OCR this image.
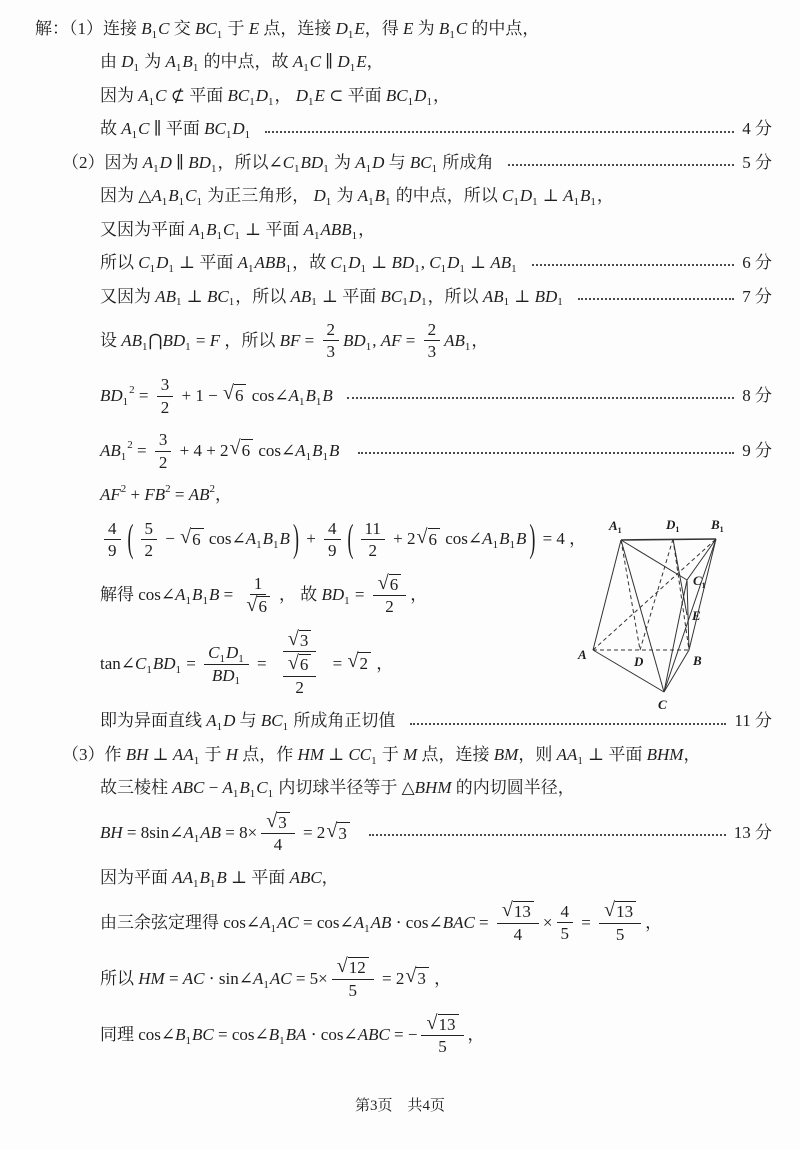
解：（1）连接 B 1 C 交 BC 1 于 E 点，连接 D 1 E ，得 E 为 B 1 C 的中点，
由 D 1 为 A 1 B 1 的中点，故 A 1 C ∥ D 1 E ，
因为 A 1 C ⊄ 平面 BC 1 D 1 ， D 1 E ⊂ 平面 BC 1 D 1 ，
故 A 1 C ∥ 平面 BC 1 D 1
	4 分
（2）因为 A 1 D ∥ BD 1 ，所以∠ C 1 BD 1 为 A 1 D 与 BC 1 所成角	5 分
因为 △ A 1 B 1 C 1 为正三角形， D 1 为 A 1 B 1 的中点，所以 C 1 D 1 ⊥ A 1 B 1 ，
又因为平面 A 1 B 1 C 1 ⊥ 平面 A 1 ABB 1 ，
所以 C 1 D 1 ⊥ 平面 A 1 ABB 1 ，故 C 1 D 1 ⊥ BD 1 , C 1 D 1 ⊥ AB 1
	6 分
又因为 AB 1 ⊥ BC 1 ，所以 AB 1 ⊥ 平面 BC 1 D 1 ，所以 AB 1 ⊥ BD 1
	7 分
设 AB 1 ⋂ BD 1 = F ，所以 BF = $\frac{2}{3}$ BD 1 , AF = $\frac{2}{3}$ AB 1 ，
BD 1
$2 = \frac{3}{2} + 1$ − √ 6 cos∠ A 1 B 1 B
	8 分
AB 1
$2 = \frac{3}{2} + 4 + 2$ √ 6 cos∠ A 1 B 1 B
	9 分
AF 2 + FB 2 = AB 2 ，
$\frac{4}{9}$ ( $\frac{5}{2}$ − √ 6 cos∠ A 1 B 1 B ) + $\frac{4}{9}$ ( $\frac{11}{2} + 2$ √ 6 cos∠ A 1 B 1 B ) = 4 ，
解得 cos∠ A 1 B 1 $B = \frac{1}{√ 6}$ ， 故 BD $1 = \frac{√ 6}{2}$ ，
tan∠ C 1 BD $1 = \frac{C 1 D 1}{BD 1} = \frac{√ 3}{\frac{√ 6}{2}}$ = √ 2 ，
即为异面直线 A 1 D 与 BC 1 所成角正切值	11 分
（3）作 BH ⊥ AA 1 于 H 点，作 HM ⊥ CC 1 于 M 点，连接 BM ，则 AA 1 ⊥ 平面 BHM ，
故三棱柱 ABC − A 1 B 1 C 1 内切球半径等于 △ BHM 的内切圆半径，
BH = 8sin∠ A 1 AB = $8\times \frac{√ 3}{4} = 2$ √ 3
	13 分
因为平面 AA 1 B 1 B ⊥ 平面 ABC ，
由三余弦定理得 cos∠ A 1 AC = cos∠ A 1 AB ⋅ cos∠ BAC = $\frac{√ 13}{4} \times \frac{4}{5} = \frac{√ 13}{5}$ ，
所以 HM = AC ⋅ sin∠ A 1 AC = $5\times \frac{√ 12}{5} = 2$ √ 3 ，
同理 cos∠ B 1 BC = cos∠ B 1 BA ⋅ cos∠ ABC = − $\frac{√ 13}{5}$ ，
$A_1$	$D_1$ $B_1$
$C_1$
E
A	D	B
C
第3页　共4页
